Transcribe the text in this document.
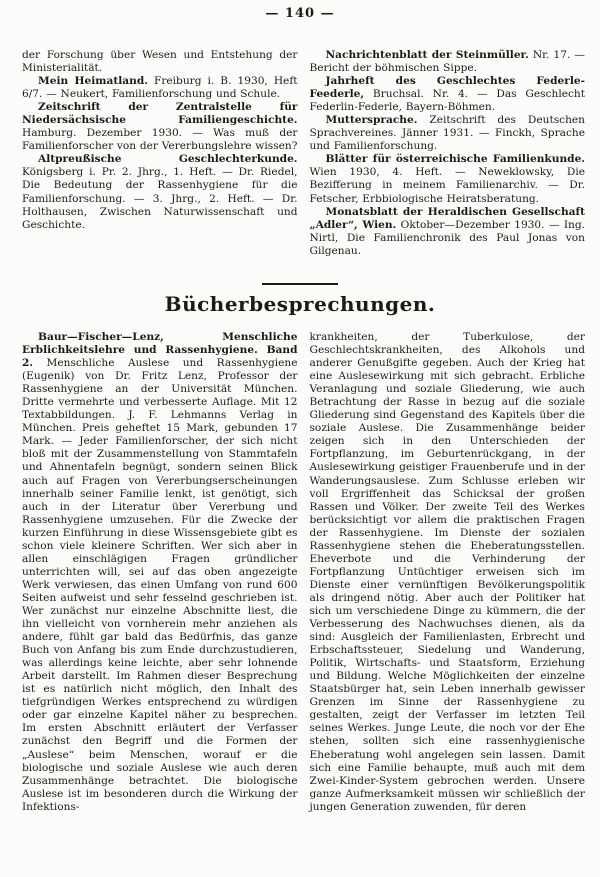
— 140 —

der Forschung über Wesen und Entstehung der Ministerialität.

Mein Heimatland. Freiburg i. B. 1930, Heft 6/7. — Neukert, Familienforschung und Schule.

Zeitschrift der Zentralstelle für Niedersächsische Familiengeschichte. Hamburg. Dezember 1930. — Was muß der Familienforscher von der Vererbungslehre wissen?

Altpreußische Geschlechterkunde. Königsberg i. Pr. 2. Jhrg., 1. Heft. — Dr. Riedel, Die Bedeutung der Rassenhygiene für die Familienforschung. — 3. Jhrg., 2. Heft. — Dr. Holthausen, Zwischen Naturwissenschaft und Geschichte.

Nachrichtenblatt der Steinmüller. Nr. 17. — Bericht der böhmischen Sippe.

Jahrheft des Geschlechtes Federle-Feederle, Bruchsal. Nr. 4. — Das Geschlecht Federlin-Federle, Bayern-Böhmen.

Muttersprache. Zeitschrift des Deutschen Sprachvereines. Jänner 1931. — Finckh, Sprache und Familienforschung.

Blätter für österreichische Familienkunde. Wien 1930, 4. Heft. — Neweklowsky, Die Bezifferung in meinem Familienarchiv. — Dr. Fetscher, Erbbiologische Heiratsberatung.

Monatsblatt der Heraldischen Gesellschaft „Adler“, Wien. Oktober—Dezember 1930. — Ing. Nirtl, Die Familienchronik des Paul Jonas von Gilgenau.

Bücherbesprechungen.

Baur—Fischer—Lenz, Menschliche Erblichkeitslehre und Rassenhygiene. Band 2. Menschliche Auslese und Rassenhygiene (Eugenik) von Dr. Fritz Lenz, Professor der Rassenhygiene an der Universität München. Dritte vermehrte und verbesserte Auflage. Mit 12 Textabbildungen. J. F. Lehmanns Verlag in München. Preis geheftet 15 Mark, gebunden 17 Mark. — Jeder Familienforscher, der sich nicht bloß mit der Zusammenstellung von Stammtafeln und Ahnentafeln begnügt, sondern seinen Blick auch auf Fragen von Vererbungserscheinungen innerhalb seiner Familie lenkt, ist genötigt, sich auch in der Literatur über Vererbung und Rassenhygiene umzusehen. Für die Zwecke der kurzen Einführung in diese Wissensgebiete gibt es schon viele kleinere Schriften. Wer sich aber in allen einschlägigen Fragen gründlicher unterrichten will, sei auf das oben angezeigte Werk verwiesen, das einen Umfang von rund 600 Seiten aufweist und sehr fesselnd geschrieben ist. Wer zunächst nur einzelne Abschnitte liest, die ihn vielleicht von vornherein mehr anziehen als andere, fühlt gar bald das Bedürfnis, das ganze Buch von Anfang bis zum Ende durchzustudieren, was allerdings keine leichte, aber sehr lohnende Arbeit darstellt. Im Rahmen dieser Besprechung ist es natürlich nicht möglich, den Inhalt des tiefgründigen Werkes entsprechend zu würdigen oder gar einzelne Kapitel näher zu besprechen. Im ersten Abschnitt erläutert der Verfasser zunächst den Begriff und die Formen der „Auslese“ beim Menschen, worauf er die biologische und soziale Auslese wie auch deren Zusammenhänge betrachtet. Die biologische Auslese ist im besonderen durch die Wirkung der Infektions-

krankheiten, der Tuberkulose, der Geschlechtskrankheiten, des Alkohols und anderer Genußgifte gegeben. Auch der Krieg hat eine Auslesewirkung mit sich gebracht. Erbliche Veranlagung und soziale Gliederung, wie auch Betrachtung der Rasse in bezug auf die soziale Gliederung sind Gegenstand des Kapitels über die soziale Auslese. Die Zusammenhänge beider zeigen sich in den Unterschieden der Fortpflanzung, im Geburtenrückgang, in der Auslesewirkung geistiger Frauenberufe und in der Wanderungsauslese. Zum Schlusse erleben wir voll Ergriffenheit das Schicksal der großen Rassen und Völker. Der zweite Teil des Werkes berücksichtigt vor allem die praktischen Fragen der Rassenhygiene. Im Dienste der sozialen Rassenhygiene stehen die Eheberatungsstellen. Eheverbote und die Verhinderung der Fortpflanzung Untüchtiger erweisen sich im Dienste einer vernünftigen Bevölkerungspolitik als dringend nötig. Aber auch der Politiker hat sich um verschiedene Dinge zu kümmern, die der Verbesserung des Nachwuchses dienen, als da sind: Ausgleich der Familienlasten, Erbrecht und Erbschaftssteuer, Siedelung und Wanderung, Politik, Wirtschafts- und Staatsform, Erziehung und Bildung. Welche Möglichkeiten der einzelne Staatsbürger hat, sein Leben innerhalb gewisser Grenzen im Sinne der Rassenhygiene zu gestalten, zeigt der Verfasser im letzten Teil seines Werkes. Junge Leute, die noch vor der Ehe stehen, sollten sich eine rassenhygienische Eheberatung wohl angelegen sein lassen. Damit sich eine Familie behaupte, muß auch mit dem Zwei-Kinder-System gebrochen werden. Unsere ganze Aufmerksamkeit müssen wir schließlich der jungen Generation zuwenden, für deren
